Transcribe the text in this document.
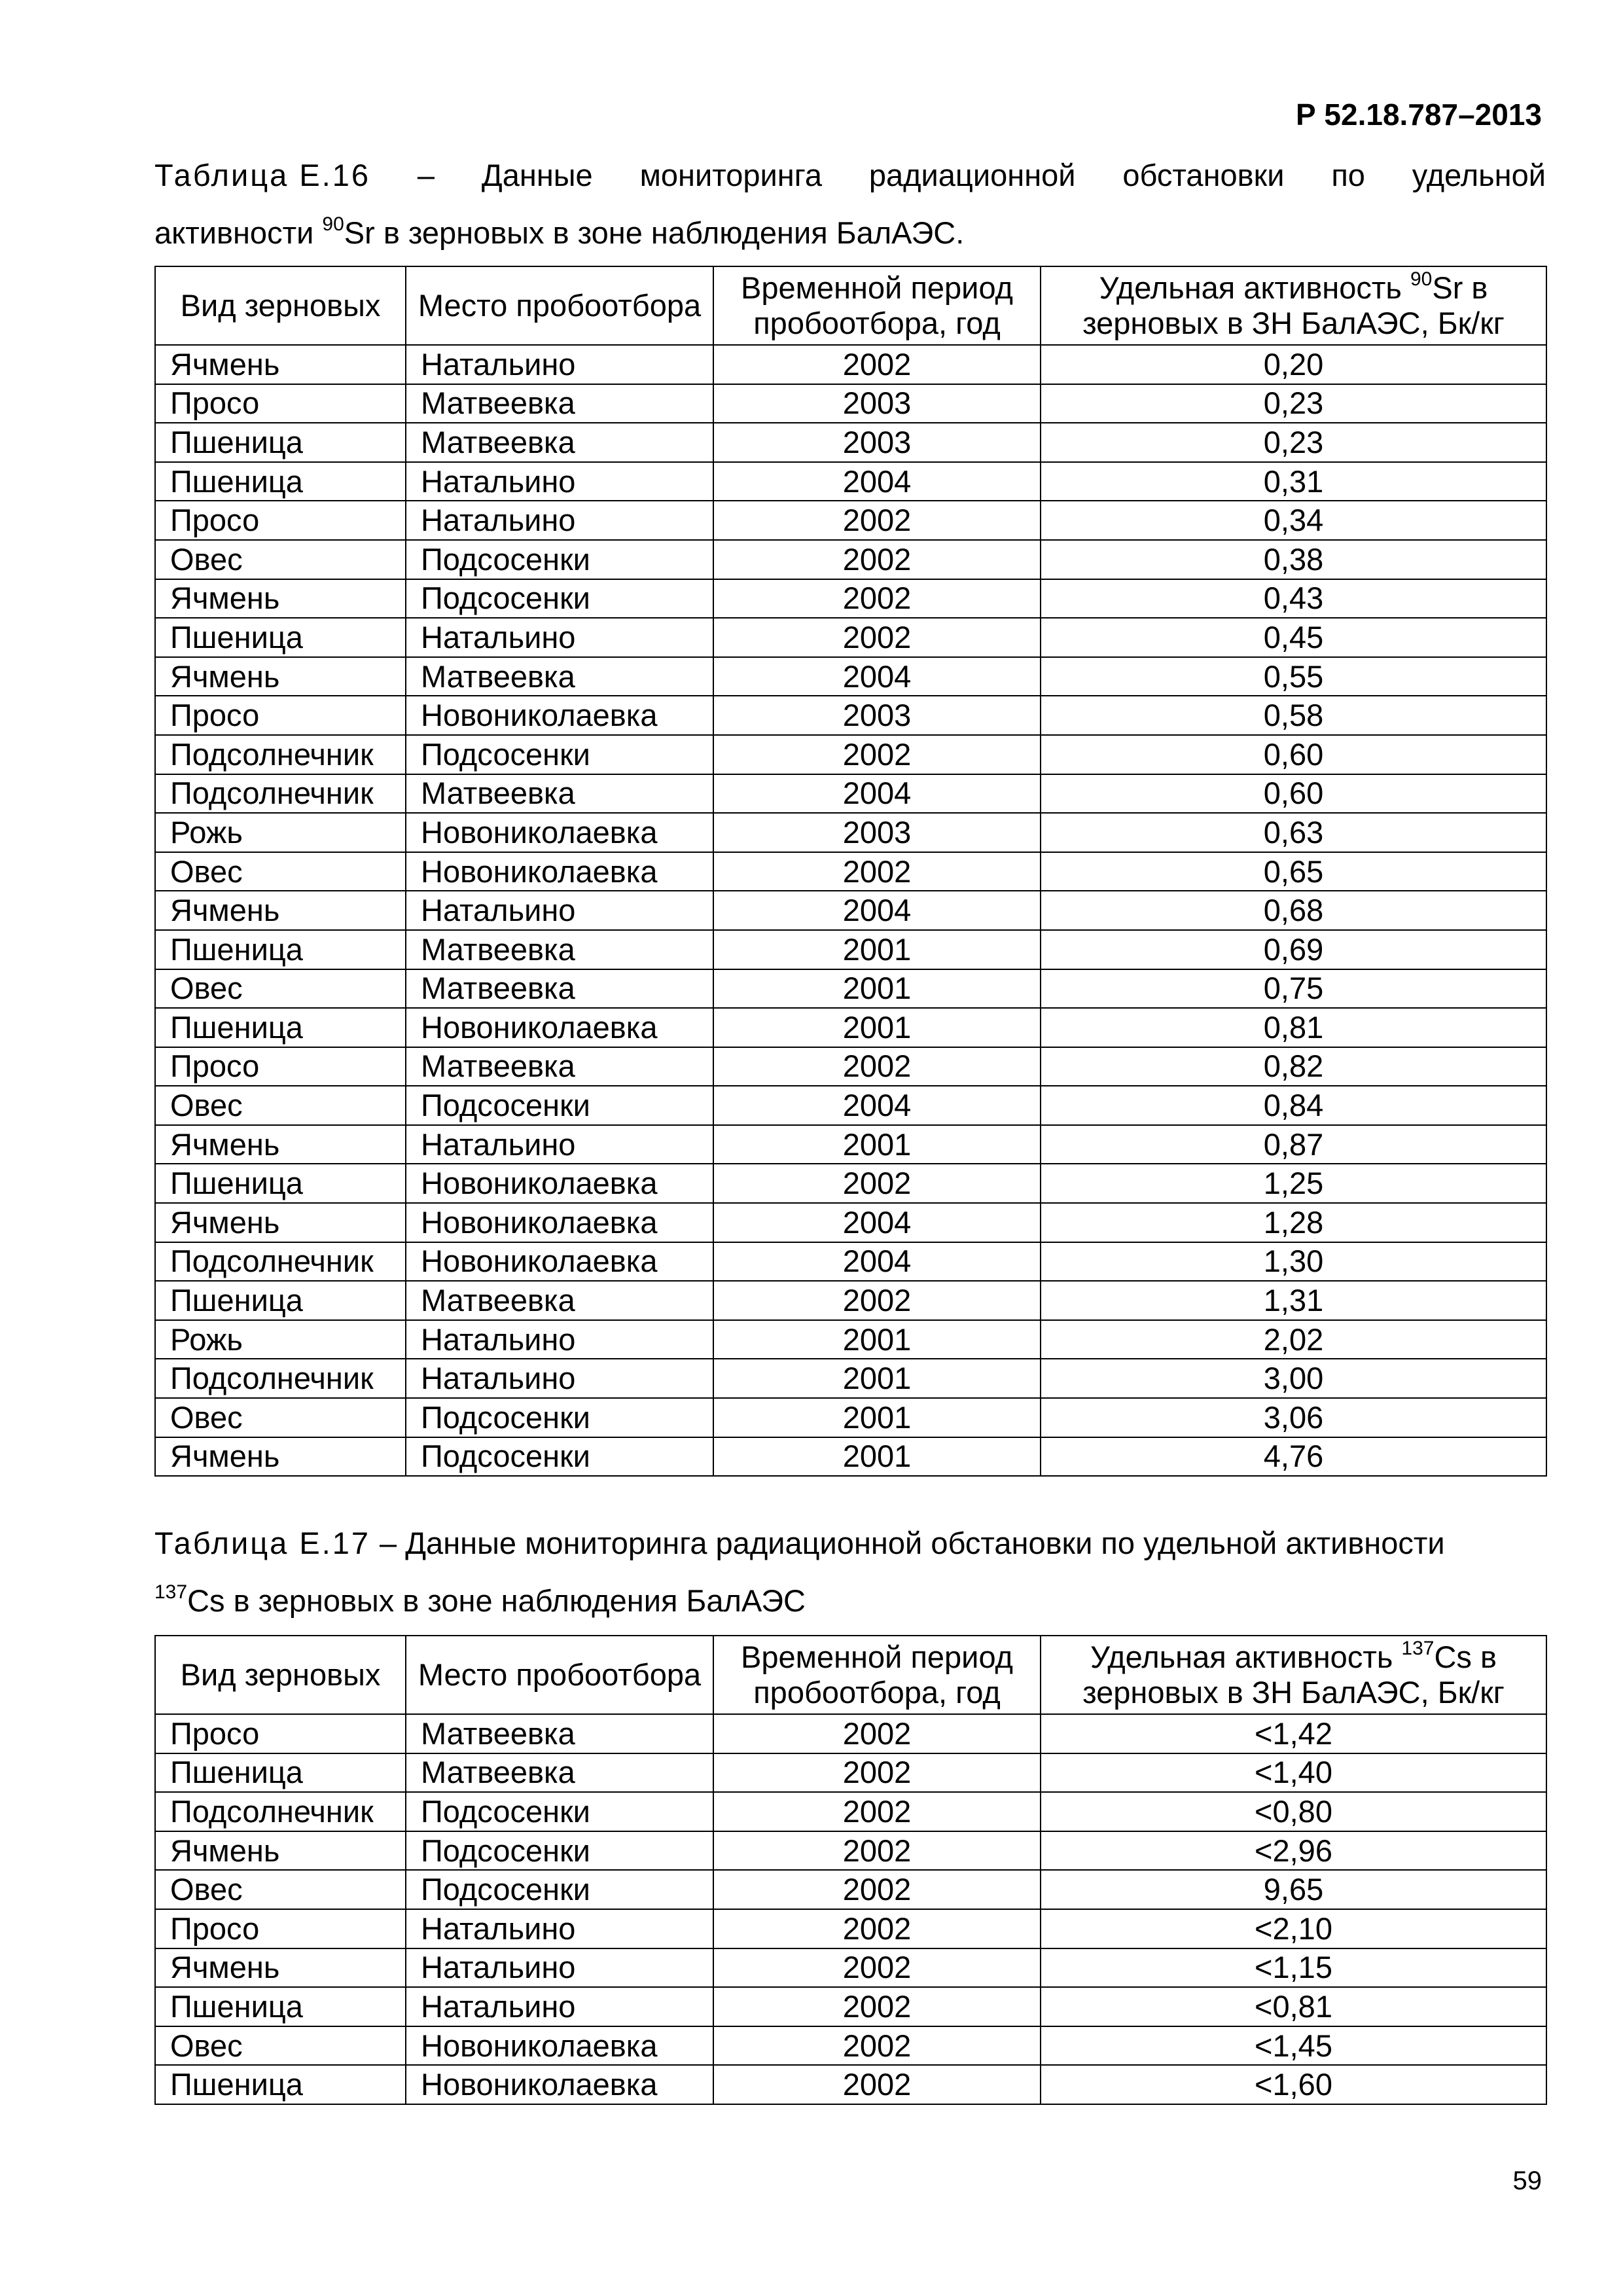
Р 52.18.787–2013
Таблица Е.16 – Данные мониторинга радиационной обстановки по удельной
активности $^{90}$Sr в зерновых в зоне наблюдения БалАЭС.
Вид зерновых	Место пробоотбора	Временной период пробоотбора, год	Удельная активность $^{90}$Sr в
зерновых в ЗН БалАЭС, Бк/кг
Ячмень	Натальино	2002	0,20
Просо	Матвеевка	2003	0,23
Пшеница	Матвеевка	2003	0,23
Пшеница	Натальино	2004	0,31
Просо	Натальино	2002	0,34
Овес	Подсосенки	2002	0,38
Ячмень	Подсосенки	2002	0,43
Пшеница	Натальино	2002	0,45
Ячмень	Матвеевка	2004	0,55
Просо	Новониколаевка	2003	0,58
Подсолнечник	Подсосенки	2002	0,60
Подсолнечник	Матвеевка	2004	0,60
Рожь	Новониколаевка	2003	0,63
Овес	Новониколаевка	2002	0,65
Ячмень	Натальино	2004	0,68
Пшеница	Матвеевка	2001	0,69
Овес	Матвеевка	2001	0,75
Пшеница	Новониколаевка	2001	0,81
Просо	Матвеевка	2002	0,82
Овес	Подсосенки	2004	0,84
Ячмень	Натальино	2001	0,87
Пшеница	Новониколаевка	2002	1,25
Ячмень	Новониколаевка	2004	1,28
Подсолнечник	Новониколаевка	2004	1,30
Пшеница	Матвеевка	2002	1,31
Рожь	Натальино	2001	2,02
Подсолнечник	Натальино	2001	3,00
Овес	Подсосенки	2001	3,06
Ячмень	Подсосенки	2001	4,76
Таблица Е.17 – Данные мониторинга радиационной обстановки по удельной активности
$^{137}$Cs в зерновых в зоне наблюдения БалАЭС
Вид зерновых	Место пробоотбора	Временной период пробоотбора, год	Удельная активность $^{137}$Cs в
зерновых в ЗН БалАЭС, Бк/кг
Просо	Матвеевка	2002	<1,42
Пшеница	Матвеевка	2002	<1,40
Подсолнечник	Подсосенки	2002	<0,80
Ячмень	Подсосенки	2002	<2,96
Овес	Подсосенки	2002	9,65
Просо	Натальино	2002	<2,10
Ячмень	Натальино	2002	<1,15
Пшеница	Натальино	2002	<0,81
Овес	Новониколаевка	2002	<1,45
Пшеница	Новониколаевка	2002	<1,60
59
